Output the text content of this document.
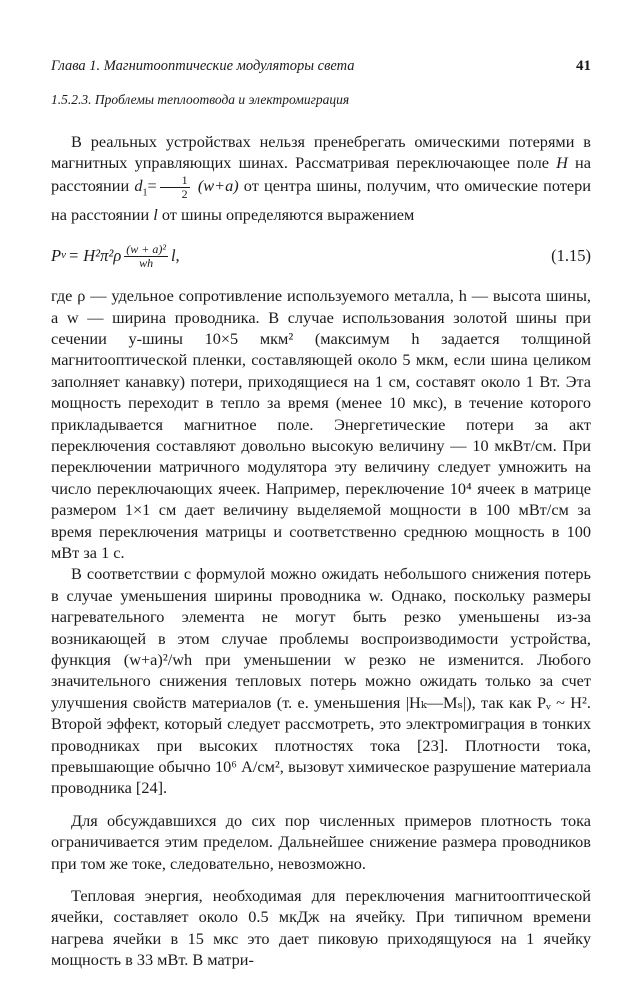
Глава 1. Магнитооптические модуляторы света	41
1.5.2.3. Проблемы теплоотвода и электромиграция

В реальных устройствах нельзя пренебрегать омическими потерями в магнитных управляющих шинах. Рассматривая переключающее поле H на расстоянии $d_1= \frac{1}{2} (w+a)$ от центра шины, получим, что омические потери на расстоянии l от шины определяются выражением

P $v = H^2\pi^2\rho \frac{\text{(w + a)²}}{wh} l$,	(1.15)

где ρ — удельное сопротивление используемого металла, h — высота шины, а w — ширина проводника. В случае использования золотой шины при сечении y-шины 10×5 мкм² (максимум h задается толщиной магнитооптической пленки, составляющей около 5 мкм, если шина целиком заполняет канавку) потери, приходящиеся на 1 см, составят около 1 Вт. Эта мощность переходит в тепло за время (менее 10 мкс), в течение которого прикладывается магнитное поле. Энергетические потери за акт переключения составляют довольно высокую величину — 10 мкВт/см. При переключении матричного модулятора эту величину следует умножить на число переключающих ячеек. Например, переключение 10⁴ ячеек в матрице размером 1×1 см дает величину выделяемой мощности в 100 мВт/см за время переключения матрицы и соответственно среднюю мощность в 100 мВт за 1 с.

В соответствии с формулой можно ожидать небольшого снижения потерь в случае уменьшения ширины проводника w. Однако, поскольку размеры нагревательного элемента не могут быть резко уменьшены из-за возникающей в этом случае проблемы воспроизводимости устройства, функция (w+a)²/wh при уменьшении w резко не изменится. Любого значительного снижения тепловых потерь можно ожидать только за счет улучшения свойств материалов (т. е. уменьшения |Hₖ—Mₛ|), так как Pᵥ ~ H². Второй эффект, который следует рассмотреть, это электромиграция в тонких проводниках при высоких плотностях тока [23]. Плотности тока, превышающие обычно 10⁶ А/см², вызовут химическое разрушение материала проводника [24].

Для обсуждавшихся до сих пор численных примеров плотность тока ограничивается этим пределом. Дальнейшее снижение размера проводников при том же токе, следовательно, невозможно.

Тепловая энергия, необходимая для переключения магнитооптической ячейки, составляет около 0.5 мкДж на ячейку. При типичном времени нагрева ячейки в 15 мкс это дает пиковую приходящуюся на 1 ячейку мощность в 33 мВт. В матри-
